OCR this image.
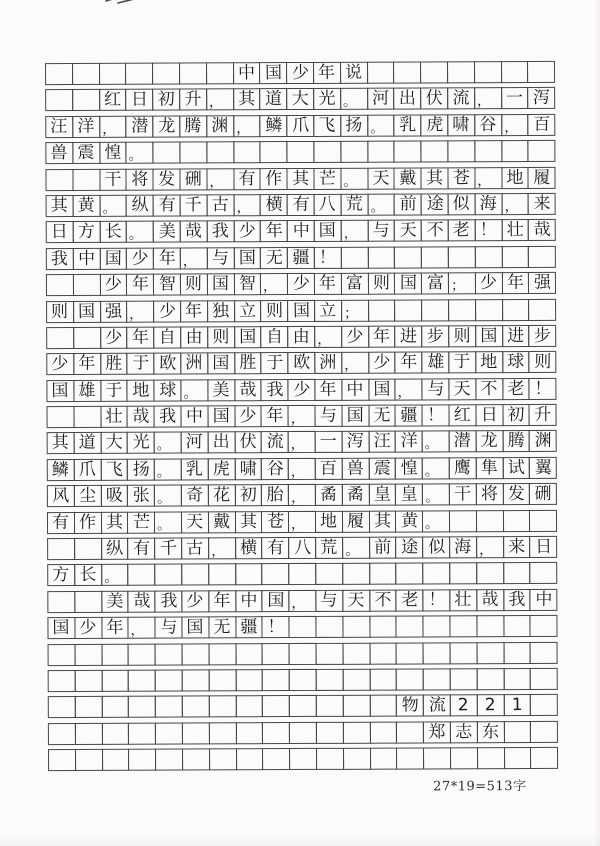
中 国 少 年 说
红 日 初 升 ， 其 道 大 光 。 河 出 伏 流 ， 一 泻
汪 洋 ， 潜 龙 腾 渊 ， 鳞 爪 飞 扬 。 乳 虎 啸 谷 ， 百
兽 震 惶 。
干 将 发 硎 ， 有 作 其 芒 。 天 戴 其 苍 ， 地 履
其 黄 。 纵 有 千 古 ， 横 有 八 荒 。 前 途 似 海 ， 来
日 方 长 。 美 哉 我 少 年 中 国 ， 与 天 不 老 ！ 壮 哉
我 中 国 少 年 ， 与 国 无 疆 ！
少 年 智 则 国 智 ， 少 年 富 则 国 富 ； 少 年 强
则 国 强 ， 少 年 独 立 则 国 立 ；
少 年 自 由 则 国 自 由 ， 少 年 进 步 则 国 进 步
少 年 胜 于 欧 洲 国 胜 于 欧 洲 ， 少 年 雄 于 地 球 则
国 雄 于 地 球 。 美 哉 我 少 年 中 国 ， 与 天 不 老 ！
壮 哉 我 中 国 少 年 ， 与 国 无 疆 ！ 红 日 初 升
其 道 大 光 。 河 出 伏 流 ， 一 泻 汪 洋 。 潜 龙 腾 渊
鳞 爪 飞 扬 。 乳 虎 啸 谷 ， 百 兽 震 惶 。 鹰 隼 试 翼
风 尘 吸 张 。 奇 花 初 胎 ， 矞 矞 皇 皇 。 干 将 发 硎
有 作 其 芒 。 天 戴 其 苍 ， 地 履 其 黄 。
纵 有 千 古 ， 横 有 八 荒 。 前 途 似 海 ， 来 日
方 长 。
美 哉 我 少 年 中 国 ， 与 天 不 老 ！ 壮 哉 我 中
国 少 年 ， 与 国 无 疆 ！
物 流 2 2 1
郑 志 东
27*19=513字
